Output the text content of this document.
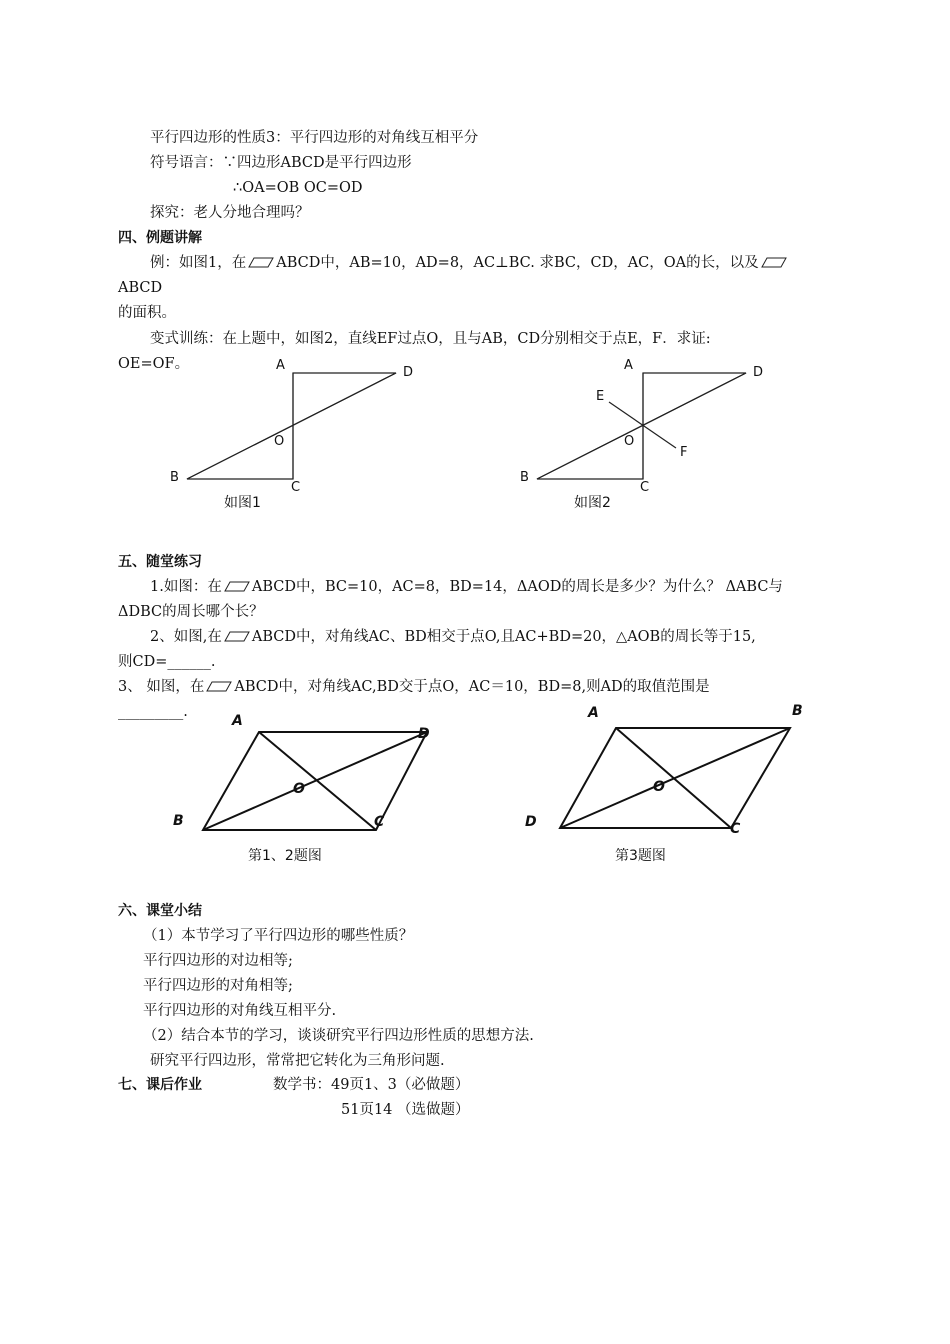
平行四边形的性质3：平行四边形的对角线互相平分
符号语言：∵四边形ABCD是平行四边形
∴OA=OB OC=OD
探究：老人分地合理吗？
四、例题讲解
例：如图1，在 ABCD中，AB=10，AD=8，AC⊥BC. 求BC，CD，AC，OA的长，以及
ABCD
的面积。
变式训练：在上题中，如图2，直线EF过点O，且与AB，CD分别相交于点E，F．求证:
OE=OF。	A	D
O
B
C
如图1
A	D
E
O
F
B
C
如图2
五、随堂练习
1.如图：在 ABCD中，BC=10，AC=8，BD=14，ΔAOD的周长是多少？为什么？ ΔABC与
ΔDBC的周长哪个长？
2、如图,在 ABCD中，对角线AC、BD相交于点O,且AC+BD=20，△AOB的周长等于15,
则CD=______.
3、 如图，在 ABCD中，对角线AC,BD交于点O，AC＝10，BD=8,则AD的取值范围是
_________.
A
D
O
B	C
第1、2题图
A	B
O
D	C
第3题图
六、课堂小结
（1）本节学习了平行四边形的哪些性质？
平行四边形的对边相等;
平行四边形的对角相等;
平行四边形的对角线互相平分.
（2）结合本节的学习，谈谈研究平行四边形性质的思想方法.
研究平行四边形，常常把它转化为三角形问题.
七、课后作业	数学书：49页1、3（必做题）
51页14 （选做题）
